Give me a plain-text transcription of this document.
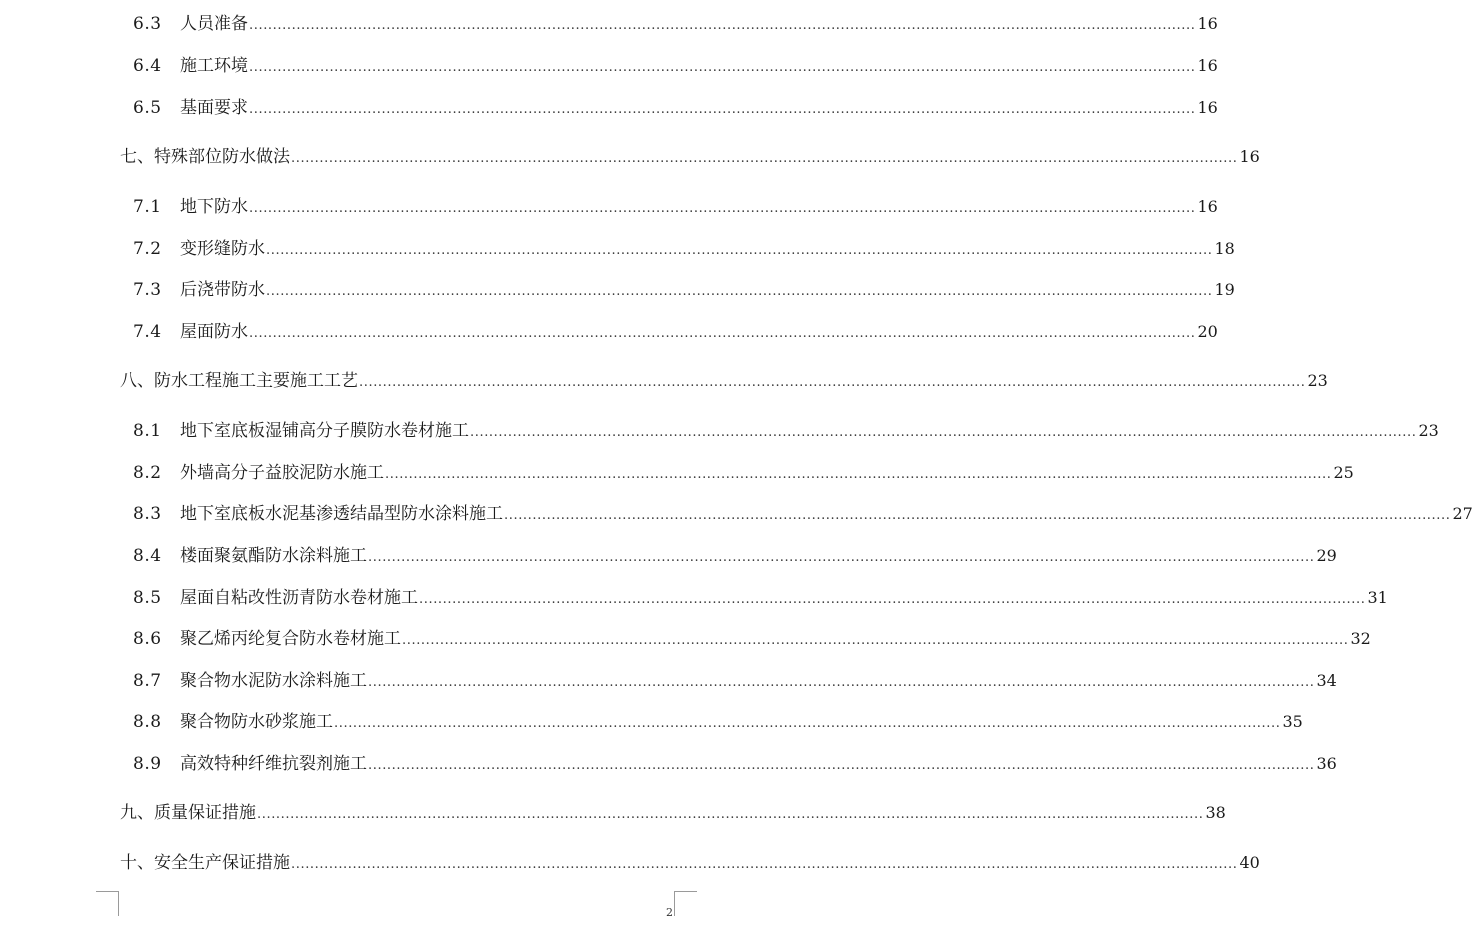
6.3	人员准备 ........................................................................................................................................................................................................ 16
6.4	施工环境 ........................................................................................................................................................................................................ 16
6.5	基面要求 ........................................................................................................................................................................................................ 16
七、特殊部位防水做法 ........................................................................................................................................................................................................ 16
7.1	地下防水 ........................................................................................................................................................................................................ 16
7.2	变形缝防水 ........................................................................................................................................................................................................ 18
7.3	后浇带防水 ........................................................................................................................................................................................................ 19
7.4	屋面防水 ........................................................................................................................................................................................................ 20
八、防水工程施工主要施工工艺 ........................................................................................................................................................................................................ 23
8.1	地下室底板湿铺高分子膜防水卷材施工 ........................................................................................................................................................................................................ 23
8.2	外墙高分子益胶泥防水施工 ........................................................................................................................................................................................................ 25
8.3	地下室底板水泥基渗透结晶型防水涂料施工 ........................................................................................................................................................................................................ 27
8.4	楼面聚氨酯防水涂料施工 ........................................................................................................................................................................................................ 29
8.5	屋面自粘改性沥青防水卷材施工 ........................................................................................................................................................................................................ 31
8.6	聚乙烯丙纶复合防水卷材施工 ........................................................................................................................................................................................................ 32
8.7	聚合物水泥防水涂料施工 ........................................................................................................................................................................................................ 34
8.8	聚合物防水砂浆施工 ........................................................................................................................................................................................................ 35
8.9	高效特种纤维抗裂剂施工 ........................................................................................................................................................................................................ 36
九、质量保证措施 ........................................................................................................................................................................................................ 38
十、安全生产保证措施 ........................................................................................................................................................................................................ 40
2
